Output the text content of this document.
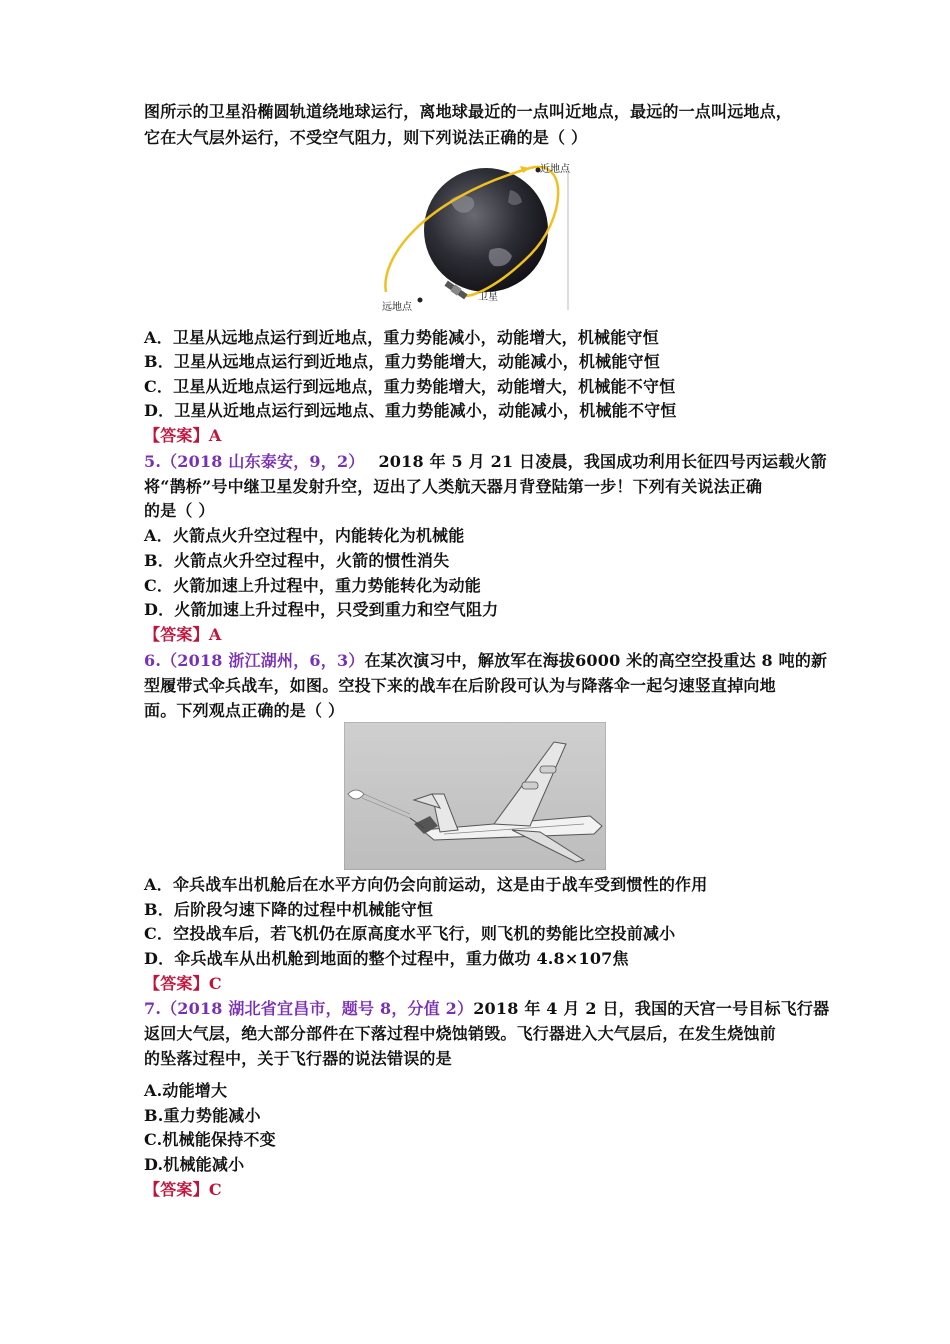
图所示的卫星沿椭圆轨道绕地球运行，离地球最近的一点叫近地点，最远的一点叫远地点，
它在大气层外运行，不受空气阻力，则下列说法正确的是（ ）
近地点
远地点
卫星
A．卫星从远地点运行到近地点，重力势能减小，动能增大，机械能守恒
B．卫星从远地点运行到近地点，重力势能增大，动能减小，机械能守恒
C．卫星从近地点运行到远地点，重力势能增大，动能增大，机械能不守恒
D．卫星从近地点运行到远地点、重力势能减小，动能减小，机械能不守恒
【答案】A
5.（2018 山东泰安，9，2）　 2018 年 5 月 21 日凌晨，我国成功利用长征四号丙运载火箭
将“鹊桥”号中继卫星发射升空，迈出了人类航天器月背登陆第一步！下列有关说法正确
的是（ ）
A．火箭点火升空过程中，内能转化为机械能
B．火箭点火升空过程中，火箭的惯性消失
C．火箭加速上升过程中，重力势能转化为动能
D．火箭加速上升过程中，只受到重力和空气阻力
【答案】A
6.（2018 浙江湖州，6，3）在某次演习中，解放军在海拔6000 米的高空空投重达 8 吨的新
型履带式伞兵战车，如图。空投下来的战车在后阶段可认为与降落伞一起匀速竖直掉向地
面。下列观点正确的是（ ）
A．伞兵战车出机舱后在水平方向仍会向前运动，这是由于战车受到惯性的作用
B．后阶段匀速下降的过程中机械能守恒
C．空投战车后，若飞机仍在原高度水平飞行，则飞机的势能比空投前减小
D．伞兵战车从出机舱到地面的整个过程中，重力做功 4.8×107焦
【答案】C
7.（2018 湖北省宜昌市，题号 8，分值 2）2018 年 4 月 2 日，我国的天宫一号目标飞行器
返回大气层，绝大部分部件在下落过程中烧蚀销毁。飞行器进入大气层后，在发生烧蚀前
的坠落过程中，关于飞行器的说法错误的是
A.动能增大
B.重力势能减小
C.机械能保持不变
D.机械能减小
【答案】C
